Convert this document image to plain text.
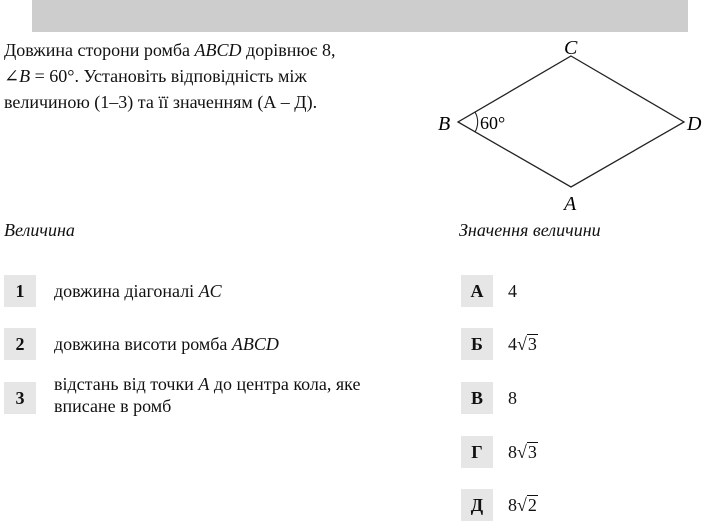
Довжина сторони ромба ABCD дорівнює 8,
∠B = 60°. Установіть відповідність між
величиною (1–3) та її значенням (А – Д).
C
B	D
A
60°
Величина	Значення величини
1	довжина діагоналі AC
2	довжина висоти ромба ABCD
3
відстань від точки A до центра кола, яке
вписане в ромб
А	4
Б	4√3
В	8
Г	8√3
Д	8√2
